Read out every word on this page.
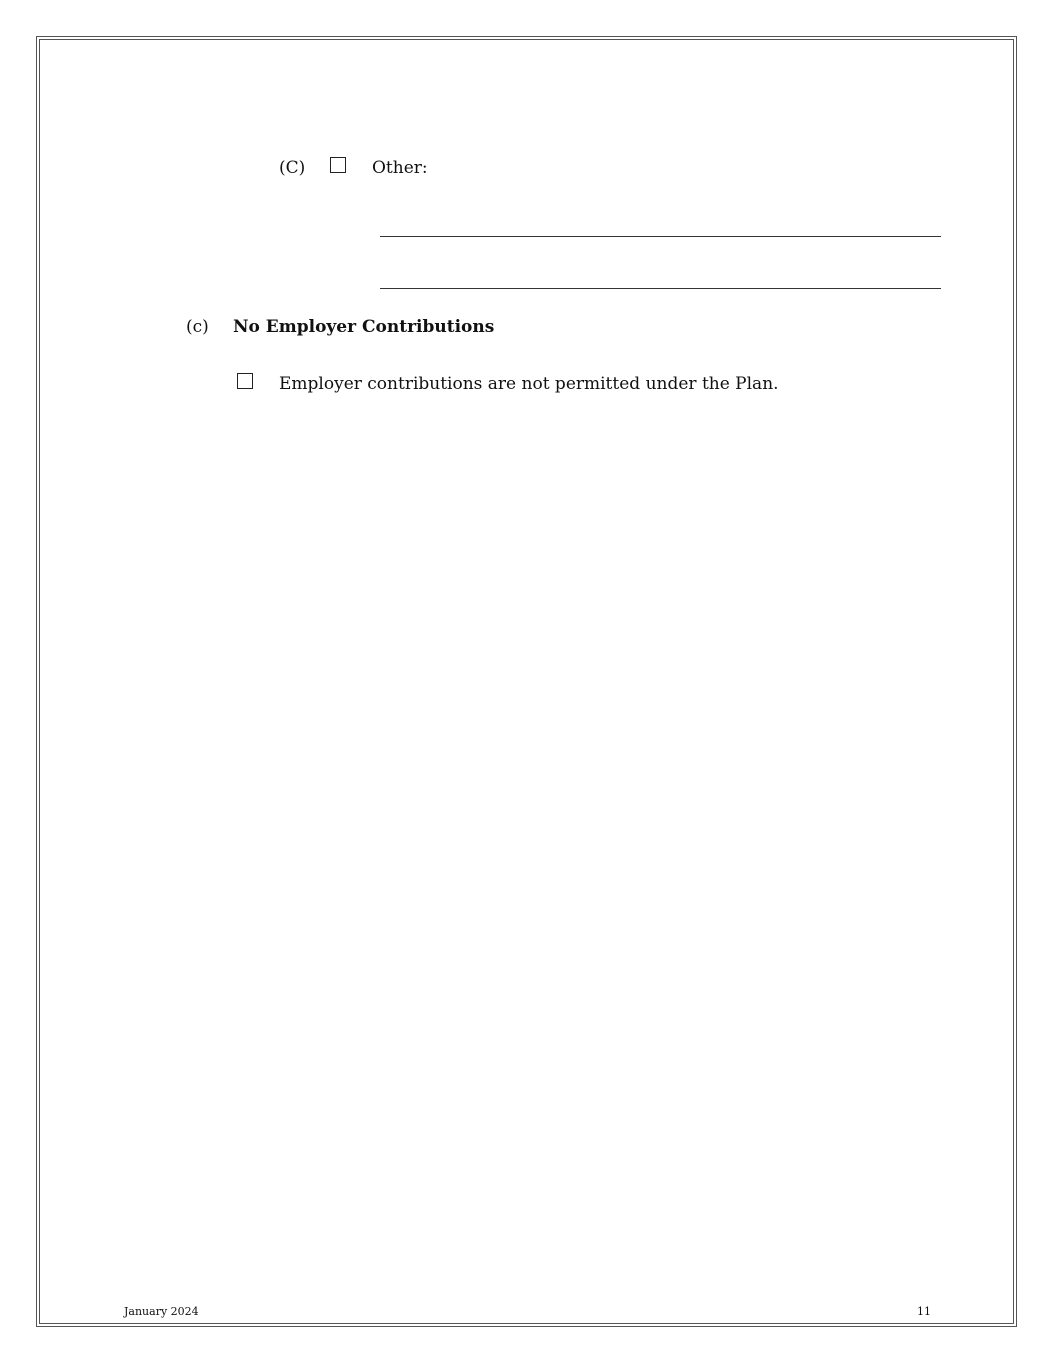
(C)	Other:
(c) No Employer Contributions
Employer contributions are not permitted under the Plan.
January 2024	11
